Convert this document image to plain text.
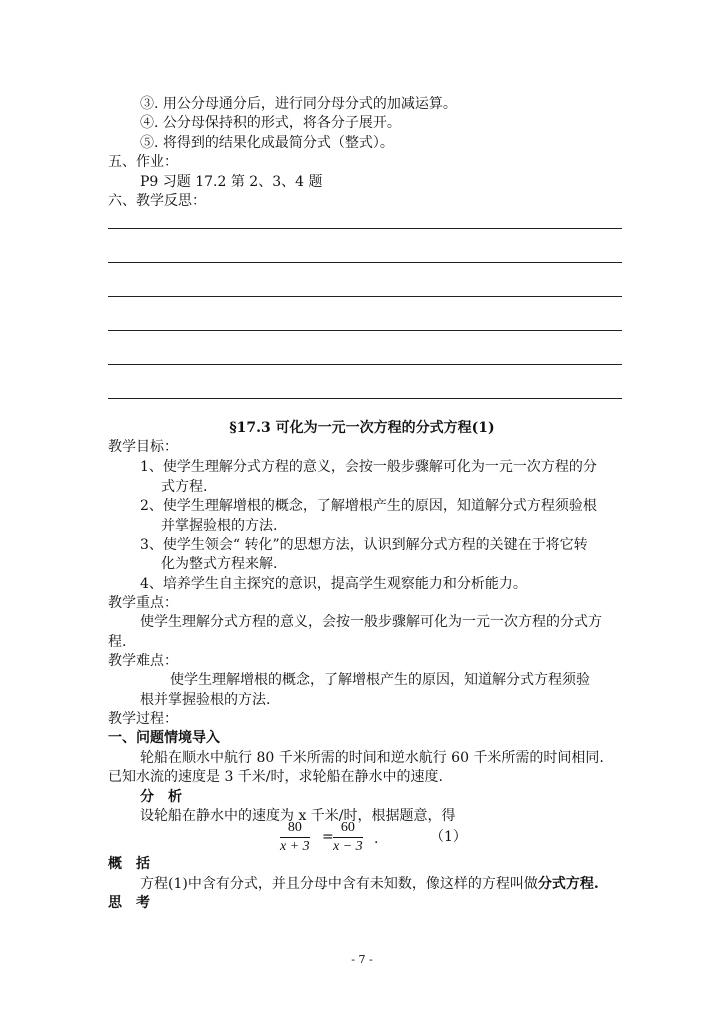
③. 用公分母通分后，进行同分母分式的加减运算。
④. 公分母保持积的形式，将各分子展开。
⑤. 将得到的结果化成最简分式（整式）。
五、作业：
P9 习题 17.2 第 2、3、4 题
六、教学反思：
§17.3 可化为一元一次方程的分式方程(1)
教学目标：
1、使学生理解分式方程的意义，会按一般步骤解可化为一元一次方程的分
式方程.
2、使学生理解增根的概念，了解增根产生的原因，知道解分式方程须验根
并掌握验根的方法.
3、使学生领会“ 转化”的思想方法，认识到解分式方程的关键在于将它转
化为整式方程来解.
4、培养学生自主探究的意识，提高学生观察能力和分析能力。
教学重点：
使学生理解分式方程的意义，会按一般步骤解可化为一元一次方程的分式方
程.
教学难点：
使学生理解增根的概念，了解增根产生的原因，知道解分式方程须验
根并掌握验根的方法.
教学过程：
一、问题情境导入
轮船在顺水中航行 80 千米所需的时间和逆水航行 60 千米所需的时间相同.
已知水流的速度是 3 千米/时，求轮船在静水中的速度.
分　析
设轮船在静水中的速度为 x 千米/时，根据题意，得
$\frac{80}{x + 3} = \frac{60}{x - 3}$ .	（1）
概　括
方程(1)中含有分式，并且分母中含有未知数，像这样的方程叫做分式方程.
思　考
- 7 -
